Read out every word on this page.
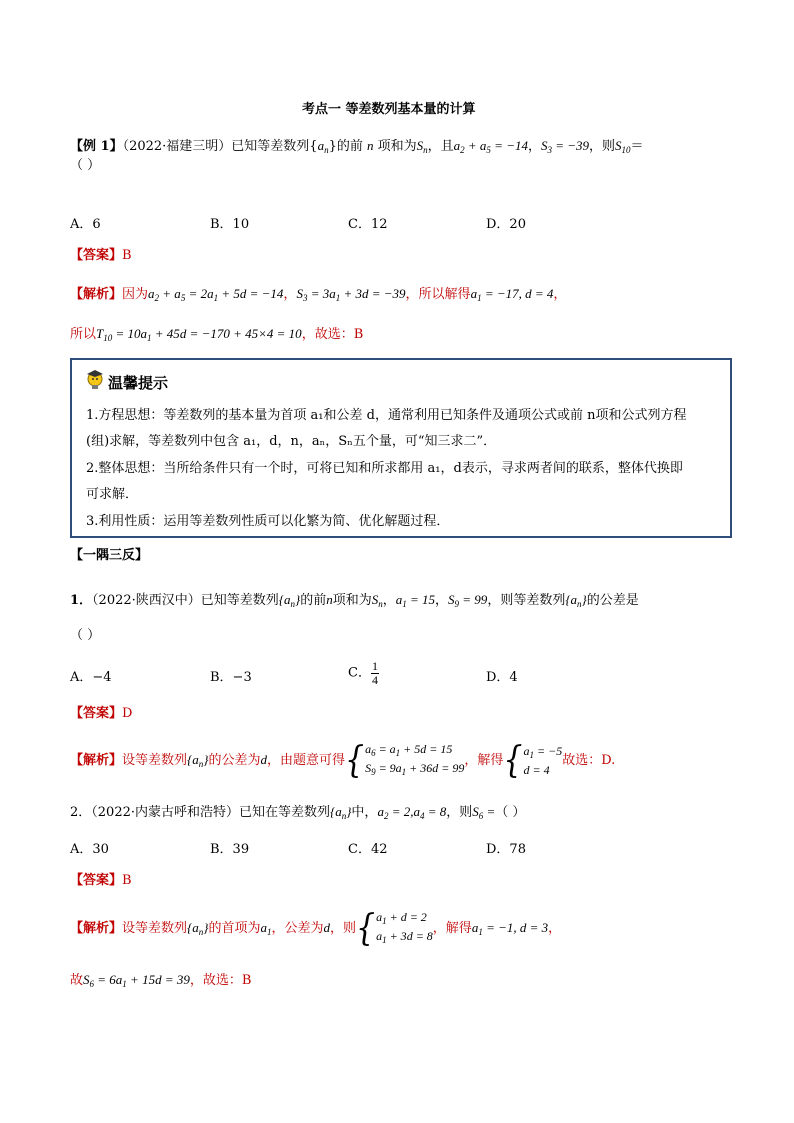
考点一 等差数列基本量的计算
【例 1】（2022·福建三明）已知等差数列$\{a_n\}$的前 n 项和为$S_n$，且$a_2 + a_5 = -14$，$S_3 = -39$，则$S_{10}=$
（ ）
A．6	B．10	C．12	D．20
【答案】B
【解析】因为$a_2 + a_5 = 2a_1 + 5d = -14$，$S_3 = 3a_1 + 3d = -39$，所以解得$a_1 = -17$, d = 4，
所以$T_{10} = 10a_1 + 45d = -170 + 45\times 4 = 10$，故选：B
温馨提示
1.方程思想：等差数列的基本量为首项 a₁和公差 d，通常利用已知条件及通项公式或前 n项和公式列方程
(组)求解，等差数列中包含 a₁，d，n，aₙ，Sₙ五个量，可“知三求二”．
2.整体思想：当所给条件只有一个时，可将已知和所求都用 a₁，d表示，寻求两者间的联系，整体代换即
可求解．
3.利用性质：运用等差数列性质可以化繁为简、优化解题过程．
【一隅三反】
1．（2022·陕西汉中）已知等差数列$\{a_n\}$的前n项和为$S_n$，$a_1 = 15$，$S_9 = 99$，则等差数列$\{a_n\}$的公差是
（ ）
A．−4	B．−3	C． $\frac{1}{4}$	D．4
【答案】D
【解析】设等差数列$\{a_n\}$的公差为d，由题意可得 { $a_6 = a_1 + 5d = 15$
$S_9 = 9a_1 + 36d = 99$ ，解得 { $a_1 = -5$
d = 4
故选：D.
2．（2022·内蒙古呼和浩特）已知在等差数列$\{a_n\}$中，$a_2 = 2,a_4 = 8$，则$S_6$ =（ ）
A．30	B．39	C．42	D．78
【答案】B
【解析】设等差数列$\{a_n\}$的首项为$a_1$，公差为d，则 { $a_1 + d = 2$
$a_1 + 3d = 8$ ，解得$a_1 = -1$, d = 3，
故$S_6 = 6a_1 + 15d = 39$，故选：B
